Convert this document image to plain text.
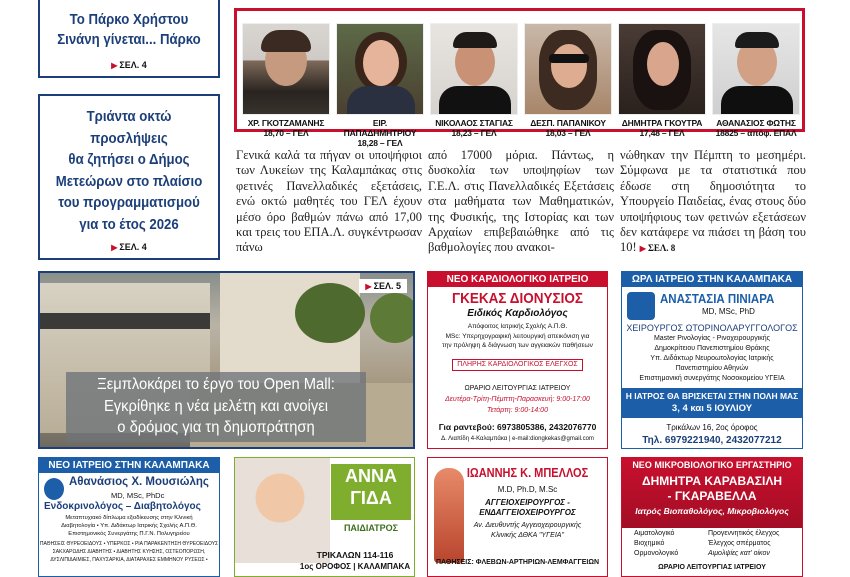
Το Πάρκο Χρήστου
Σινάνη γίνεται... Πάρκο
▶ ΣΕΛ. 4
Τριάντα οκτώ
προσλήψεις
θα ζητήσει ο Δήμος
Μετεώρων στο πλαίσιο
του προγραμματισμού
για το έτος 2026
▶ ΣΕΛ. 4
ΧΡ. ΓΚΟΤΖΑΜΑΝΗΣ
18,70 – ΓΕΛ
ΕΙΡ. ΠΑΠΑΔΗΜΗΤΡΙΟΥ
18,28 – ΓΕΛ
ΝΙΚΟΛΑΟΣ ΣΤΑΓΙΑΣ
18,23 – ΓΕΛ
ΔΕΣΠ. ΠΑΠΑΝΙΚΟΥ
18,03 – ΓΕΛ
ΔΗΜΗΤΡΑ ΓΚΟΥΤΡΑ
17,48 – ΓΕΛ
ΑΘΑΝΑΣΙΟΣ ΦΩΤΗΣ
18825 – απόφ. ΕΠΑΛ
Γενικά καλά τα πήγαν οι υποψήφιοι των Λυκείων της Καλαμπάκας στις φετινές Πανελλαδικές εξετάσεις, ενώ οκτώ μαθητές του ΓΕΛ έχουν μέσο όρο βαθμών πάνω από 17,00 και τρεις του ΕΠΑ.Λ. συγκέντρωσαν πάνω
από 17000 μόρια. Πάντως, η δυσκολία των υποψηφίων των Γ.Ε.Λ. στις Πανελλαδικές Εξετάσεις στα μαθήματα των Μαθηματικών, της Φυσικής, της Ιστορίας και των Αρχαίων επιβεβαιώθηκε από τις βαθμολογίες που ανακοι-
νώθηκαν την Πέμπτη το μεσημέρι. Σύμφωνα με τα στατιστικά που έδωσε στη δημοσιότητα το Υπουργείο Παιδείας, ένας στους δύο υποψήφιους των φετινών εξετάσεων δεν κατάφερε να πιάσει τη βάση του 10! ▶ ΣΕΛ. 8
▶ ΣΕΛ. 5
Ξεμπλοκάρει το έργο του Open Mall:
Εγκρίθηκε η νέα μελέτη και ανοίγει
ο δρόμος για τη δημοπράτηση
ΝΕΟ ΚΑΡΔΙΟΛΟΓΙΚΟ ΙΑΤΡΕΙΟ
ΓΚΕΚΑΣ ΔΙΟΝΥΣΙΟΣ
Ειδικός Καρδιολόγος
Απόφοιτος Ιατρικής Σχολής Α.Π.Θ.
MSc: Υπερηχογραφική λειτουργική απεικόνιση για
την πρόληψη & διάγνωση των αγγειακών παθήσεων
ΠΛΗΡΗΣ ΚΑΡΔΙΟΛΟΓΙΚΟΣ ΕΛΕΓΧΟΣ
ΩΡΑΡΙΟ ΛΕΙΤΟΥΡΓΙΑΣ ΙΑΤΡΕΙΟΥ
Δευτέρα-Τρίτη-Πέμπτη-Παρασκευή: 9:00-17:00
Τετάρτη: 9:00-14:00
Για ραντεβού: 6973805386, 2432076770
Δ. Λιαπίδη 4-Καλαμπάκα | e-mail:diongkekas@gmail.com
ΩΡΛ ΙΑΤΡΕΙΟ ΣΤΗΝ ΚΑΛΑΜΠΑΚΑ
ΑΝΑΣΤΑΣΙΑ ΠΙΝΙΑΡΑ
MD, MSc, PhD
ΧΕΙΡΟΥΡΓΟΣ ΩΤΟΡΙΝΟΛΑΡΥΓΓΟΛΟΓΟΣ
Master Ρινολογίας - Ρινοχειρουργικής
Δημοκρίτειου Πανεπιστημίου Θράκης
Υπ. Διδάκτωρ Νευροωτολογίας Ιατρικής
Πανεπιστημίου Αθηνών
Επιστημονική συνεργάτης Νοσοκομείου ΥΓΕΙΑ
Η ΙΑΤΡΟΣ ΘΑ ΒΡΙΣΚΕΤΑΙ ΣΤΗΝ ΠΟΛΗ ΜΑΣ
3, 4 και 5 ΙΟΥΛΙΟΥ
Τρικάλων 16, 2ος όροφος
Τηλ. 6979221940, 2432077212
ΝΕΟ ΙΑΤΡΕΙΟ ΣΤΗΝ ΚΑΛΑΜΠΑΚΑ
Αθανάσιος Χ. Μουσιώλης
MD, MSc, PhDc
Ενδοκρινολόγος – Διαβητολόγος
Μεταπτυχιακό δίπλωμα εξειδίκευσης στην Κλινική
Διαβητολογία • Υπ. Διδάκτωρ Ιατρικής Σχολής Α.Π.Θ.
Επιστημονικός Συνεργάτης Π.Γ.Ν. Πολυγηρείου
ΠΑΘΗΣΕΙΣ ΘΥΡΕΟΕΙΔΟΥΣ • ΥΠΕΡΚΟΣ • ΡΙΑ ΠΑΡΑΚΕΝΤΗΣΗ ΘΥΡΕΟΕΙΔΟΥΣ
ΣΑΚΧΑΡΩΔΗΣ ΔΙΑΒΗΤΗΣ • ΔΙΑΒΗΤΗΣ ΚΥΗΣΗΣ, ΟΣΤΕΟΠΟΡΩΣΗ,
ΔΥΣΛΙΠΙΔΑΙΜΙΕΣ, ΠΑΧΥΣΑΡΚΙΑ, ΔΙΑΤΑΡΑΧΕΣ ΕΜΜΗΝΟΥ ΡΥΣΕΩΣ •
ΑΝΝΑ
ΓΙΔΑ
ΠΑΙΔΙΑΤΡΟΣ
ΤΡΙΚΑΛΩΝ 114-116
1ος ΟΡΟΦΟΣ | ΚΑΛΑΜΠΑΚΑ
ΙΩΑΝΝΗΣ Κ. ΜΠΕΛΛΟΣ
M.D, Ph.D, M.Sc
ΑΓΓΕΙΟΧΕΙΡΟΥΡΓΟΣ -
ΕΝΔΑΓΓΕΙΟΧΕΙΡΟΥΡΓΟΣ
Αν. Διευθυντής Αγγειοχειρουργικής
Κλινικής ΔΘΚΑ "ΥΓΕΙΑ"
ΠΑΘΗΣΕΙΣ: ΦΛΕΒΩΝ-ΑΡΤΗΡΙΩΝ-ΛΕΜΦΑΓΓΕΙΩΝ
ΝΕΟ ΜΙΚΡΟΒΙΟΛΟΓΙΚΟ ΕΡΓΑΣΤΗΡΙΟ
ΔΗΜΗΤΡΑ ΚΑΡΑΒΑΣΙΛΗ
- ΓΚΑΡΑΒΕΛΛΑ
Ιατρός Βιοπαθολόγος, Μικροβιολόγος
Αιματολογικό
Βιοχημικό
Ορμονολογικό
Προγεννητικός έλεγχος
Έλεγχος σπέρματος
Αιμολψίες κατ' οίκον
ΩΡΑΡΙΟ ΛΕΙΤΟΥΡΓΙΑΣ ΙΑΤΡΕΙΟΥ
